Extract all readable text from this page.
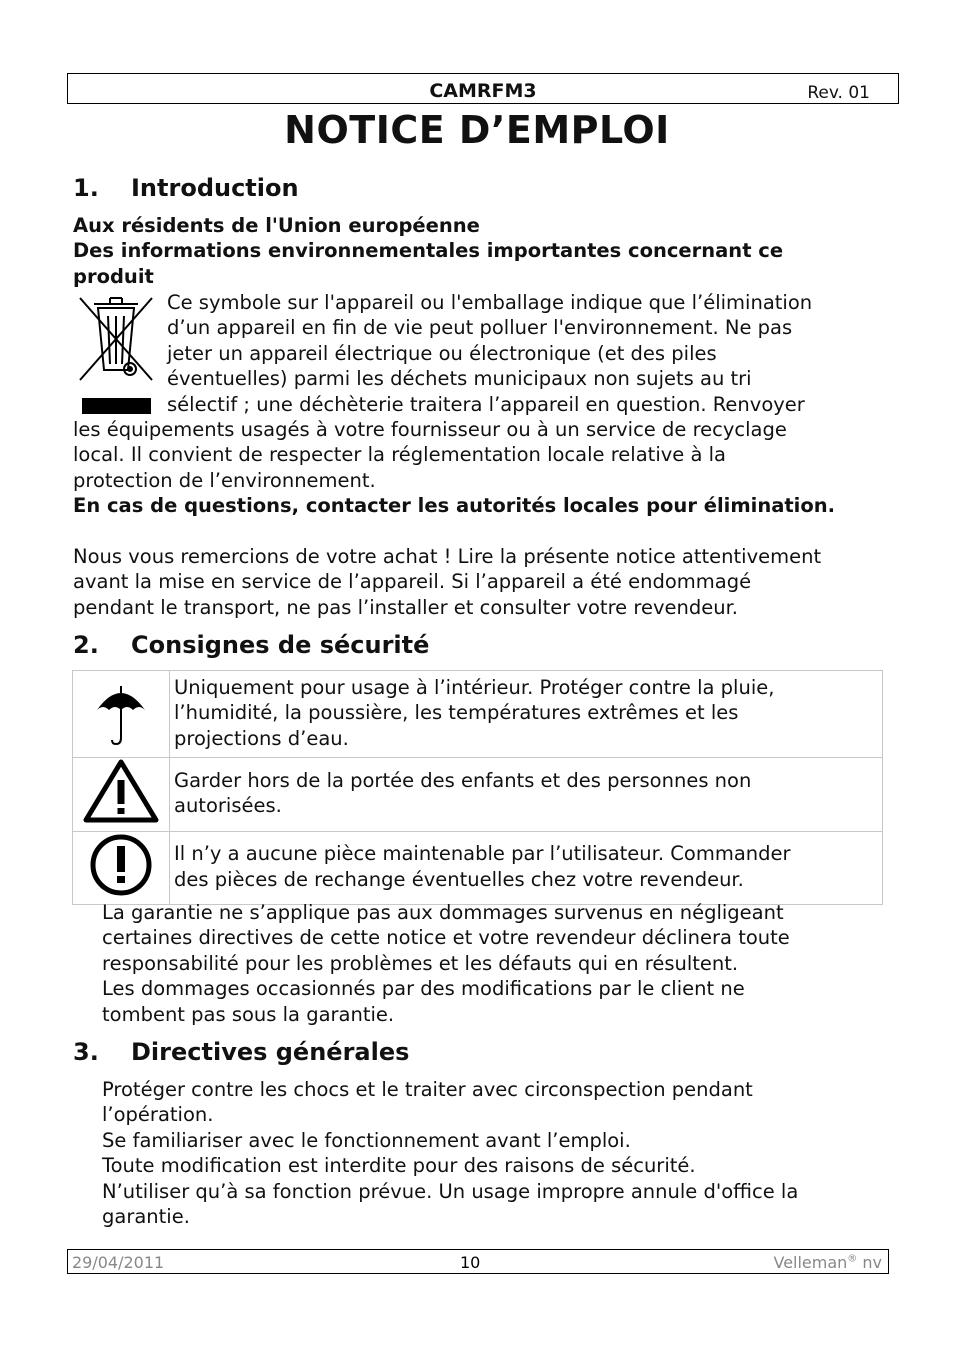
CAMRFM3	Rev. 01
NOTICE D’EMPLOI
1. Introduction
Aux résidents de l'Union européenne
Des informations environnementales importantes concernant ce
produit
Ce symbole sur l'appareil ou l'emballage indique que l’élimination
d’un appareil en fin de vie peut polluer l'environnement. Ne pas
jeter un appareil électrique ou électronique (et des piles
éventuelles) parmi les déchets municipaux non sujets au tri
sélectif ; une déchèterie traitera l’appareil en question. Renvoyer
les équipements usagés à votre fournisseur ou à un service de recyclage
local. Il convient de respecter la réglementation locale relative à la
protection de l’environnement.
En cas de questions, contacter les autorités locales pour élimination.
Nous vous remercions de votre achat ! Lire la présente notice attentivement
avant la mise en service de l’appareil. Si l’appareil a été endommagé
pendant le transport, ne pas l’installer et consulter votre revendeur.
2. Consignes de sécurité

Uniquement pour usage à l’intérieur. Protéger contre la pluie,
l’humidité, la poussière, les températures extrêmes et les
projections d’eau.

Garder hors de la portée des enfants et des personnes non
autorisées.

Il n’y a aucune pièce maintenable par l’utilisateur. Commander
des pièces de rechange éventuelles chez votre revendeur.
La garantie ne s’applique pas aux dommages survenus en négligeant
certaines directives de cette notice et votre revendeur déclinera toute
responsabilité pour les problèmes et les défauts qui en résultent.
Les dommages occasionnés par des modifications par le client ne
tombent pas sous la garantie.
3. Directives générales
Protéger contre les chocs et le traiter avec circonspection pendant
l’opération.
Se familiariser avec le fonctionnement avant l’emploi.
Toute modification est interdite pour des raisons de sécurité.
N’utiliser qu’à sa fonction prévue. Un usage impropre annule d'office la
garantie.
29/04/2011	10	Velleman® nv
